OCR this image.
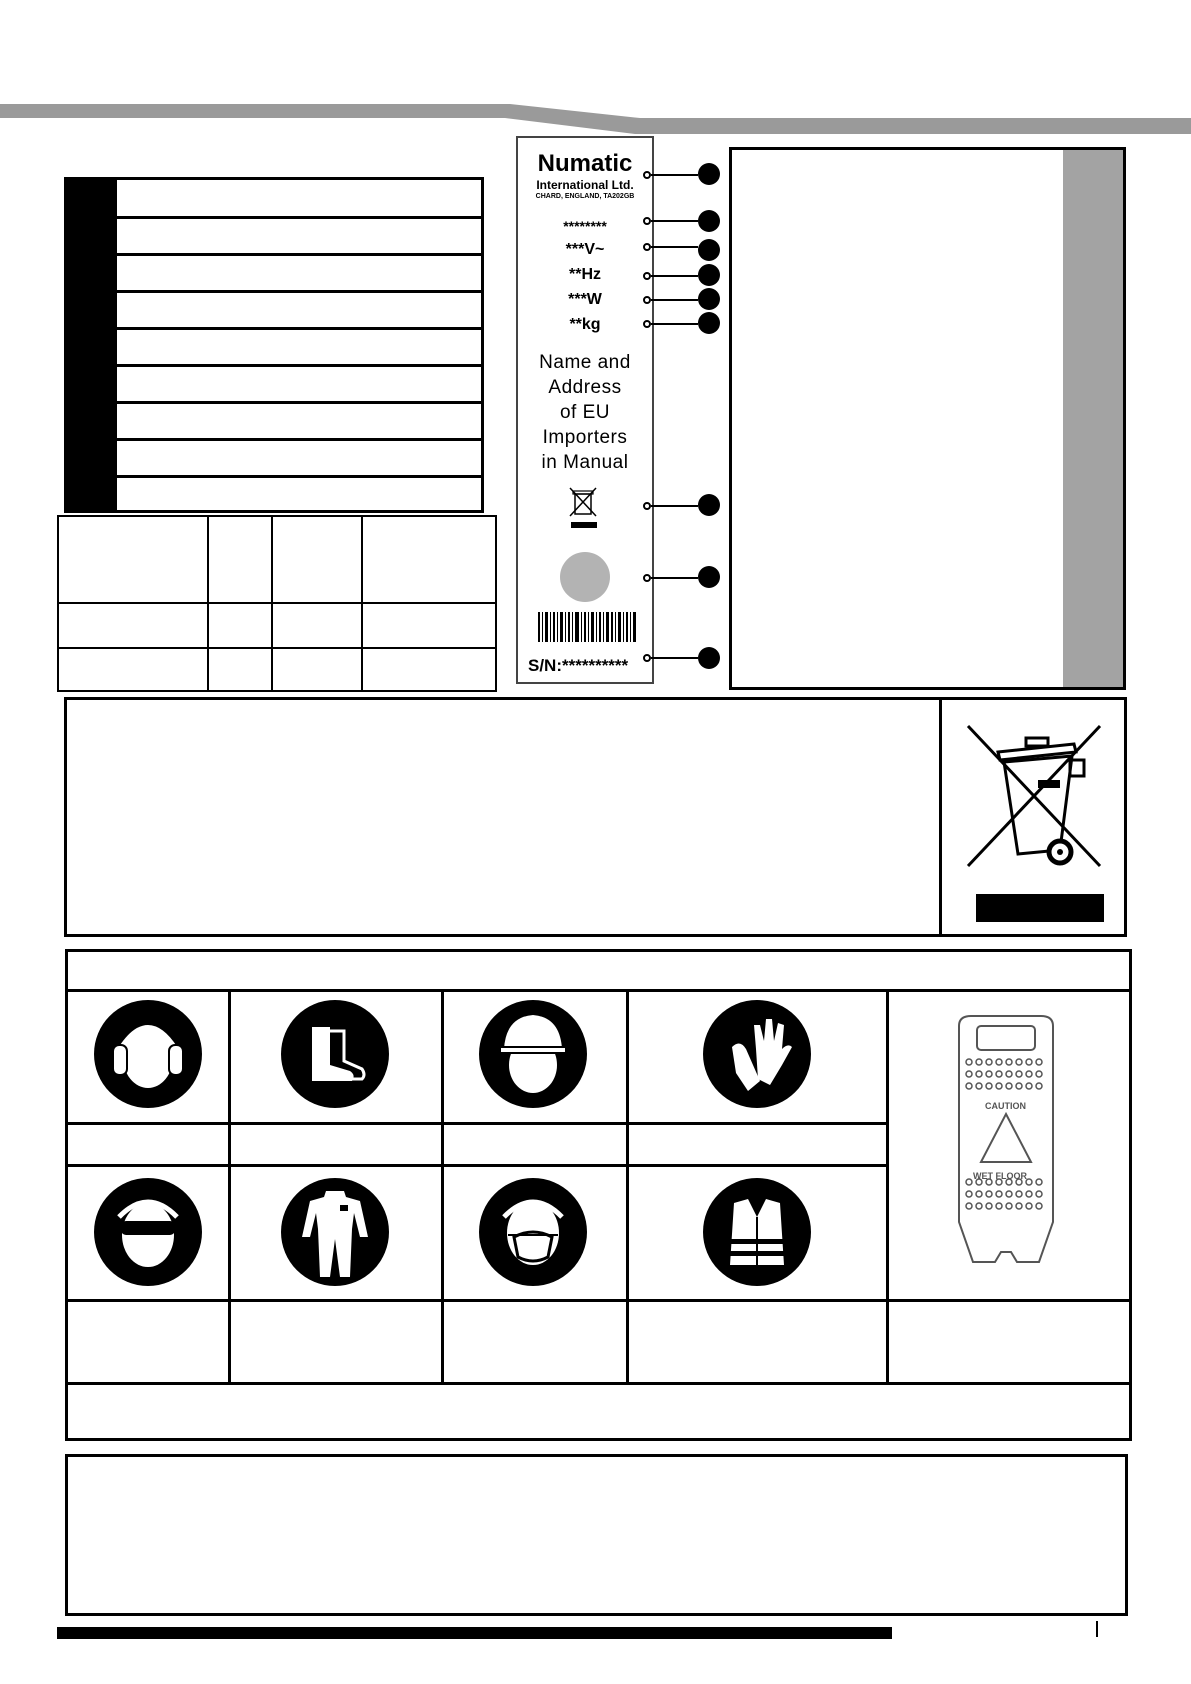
Numatic
International Ltd.
CHARD, ENGLAND, TA202GB
********
***V~
**Hz
***W
**kg
Name and
Address
of EU
Importers
in Manual
S/N:**********
CAUTION
WET FLOOR
